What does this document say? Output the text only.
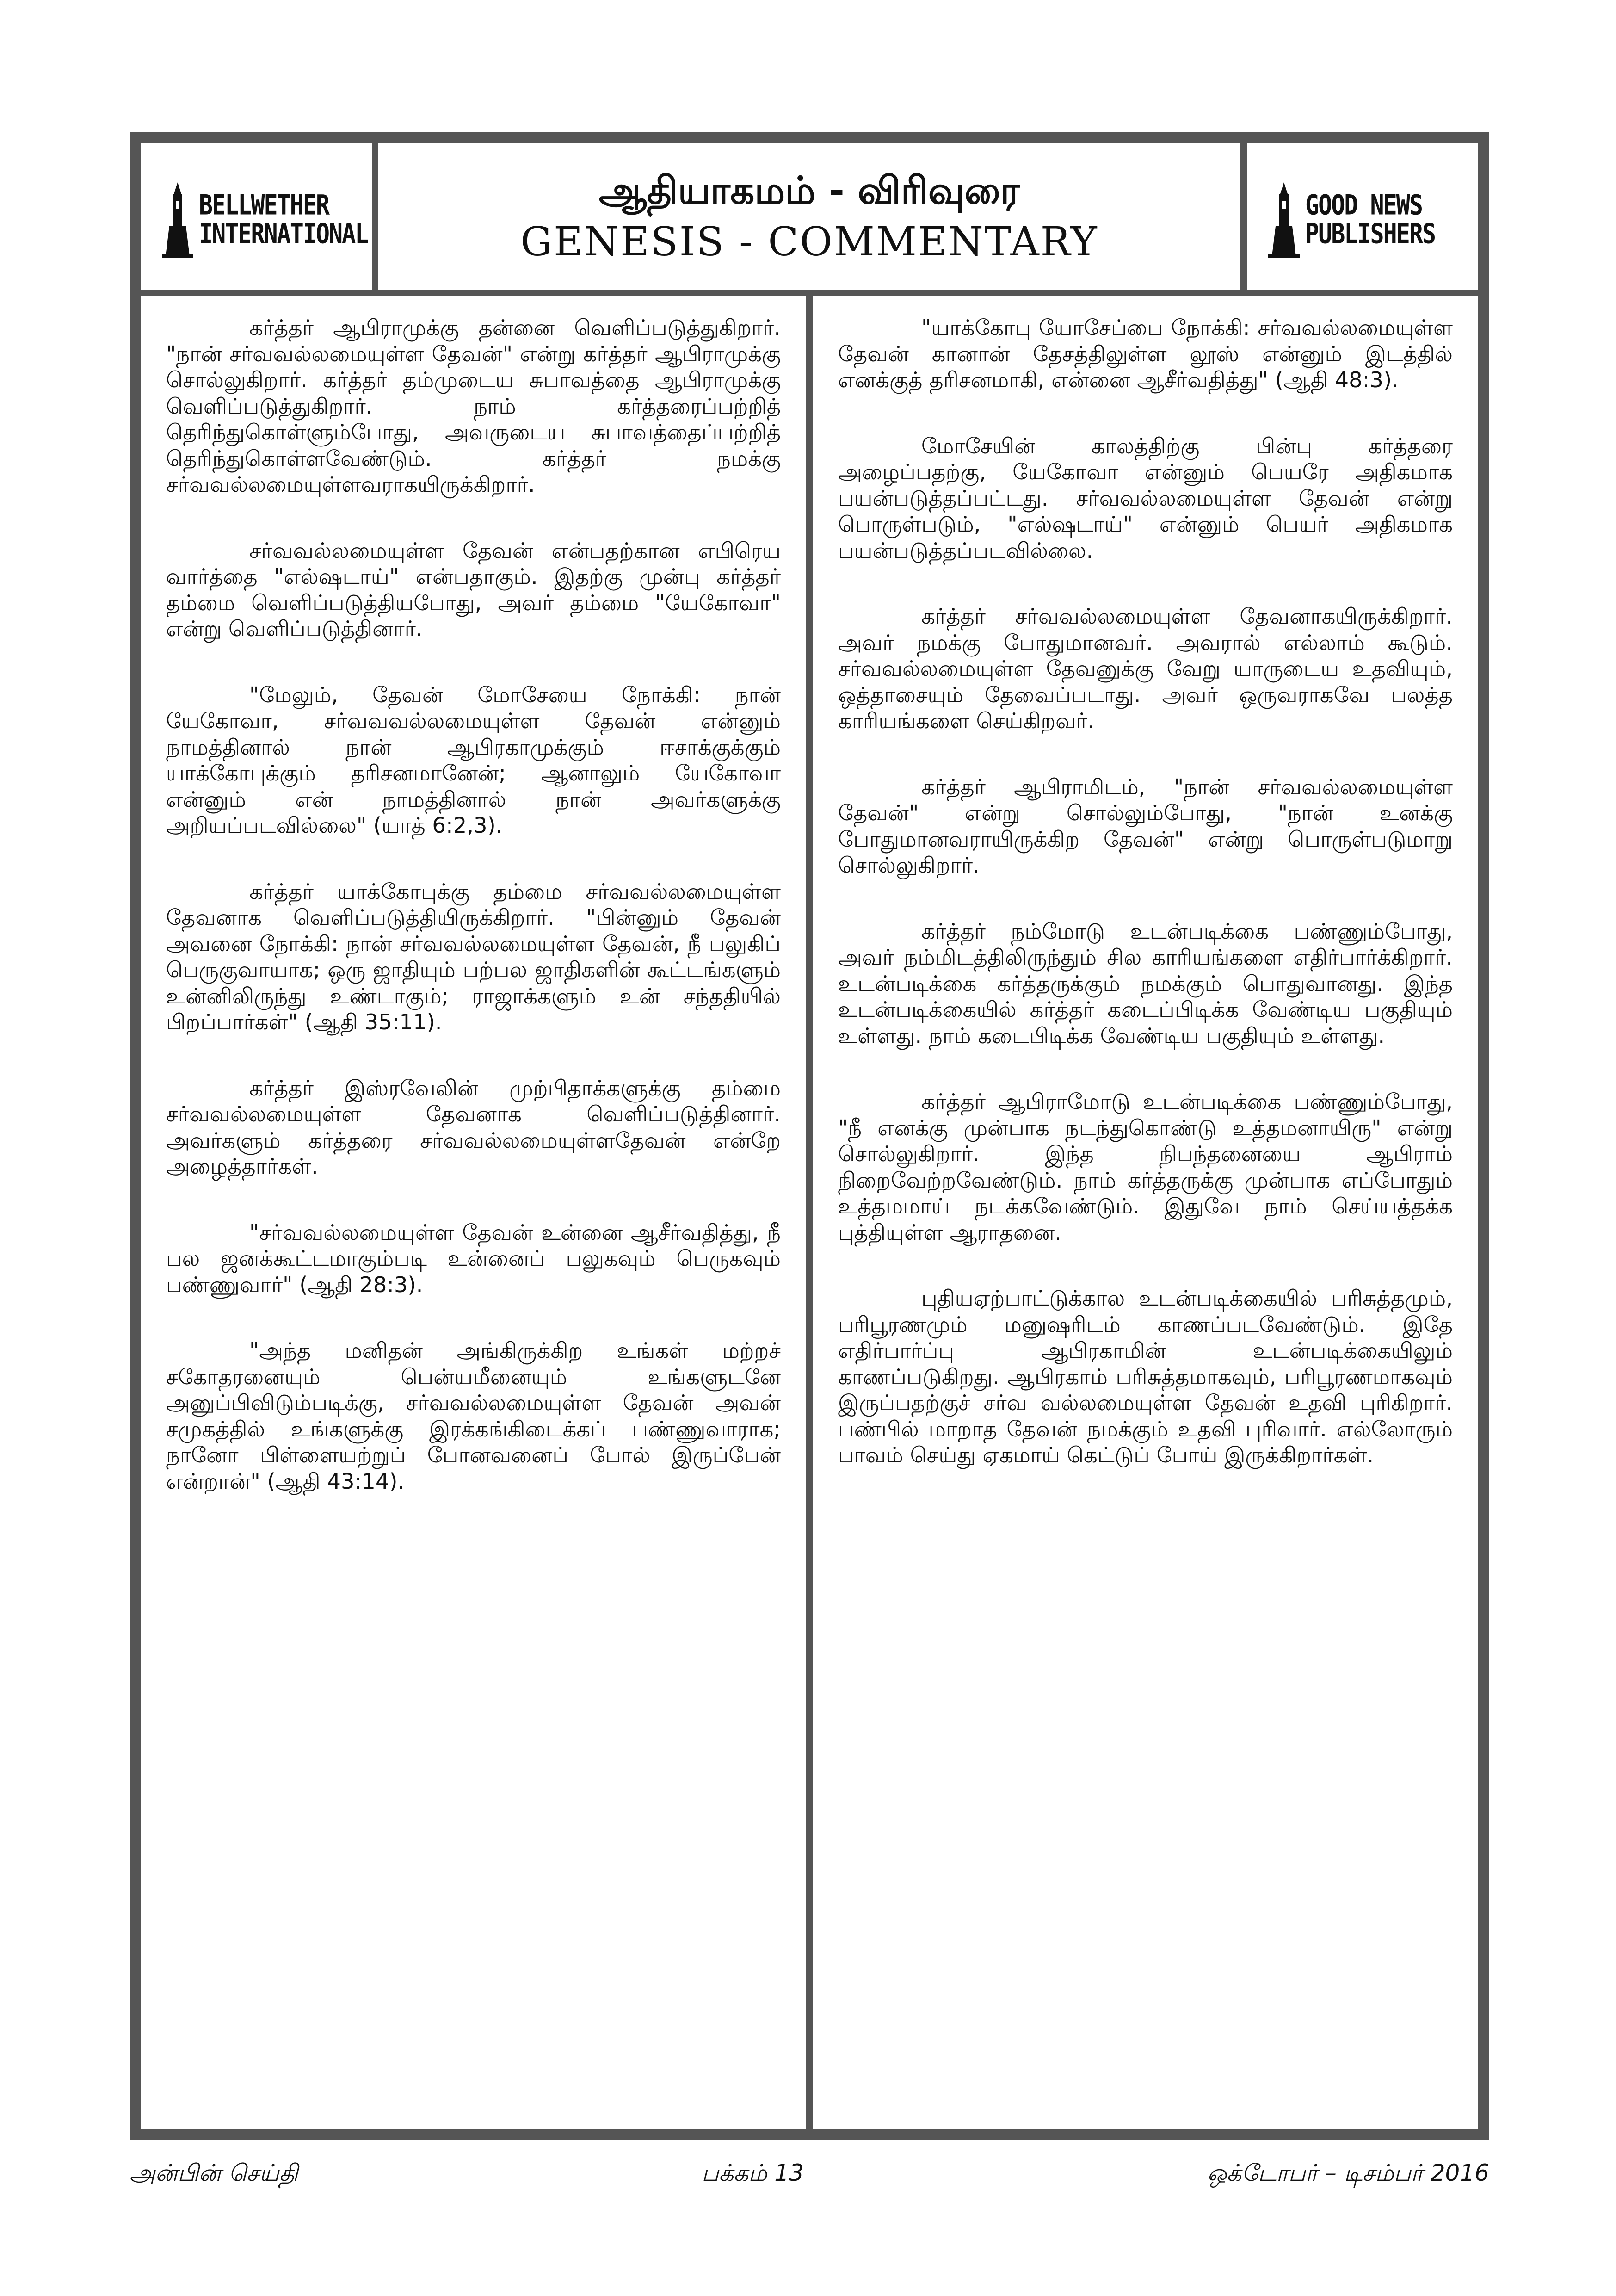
BELLWETHER
INTERNATIONAL
ஆதியாகமம் - விரிவுரை
GENESIS - COMMENTARY
GOOD NEWS
PUBLISHERS

கர்த்தர் ஆபிராமுக்கு தன்னை வெளிப்படுத்துகிறார். "நான் சர்வவல்லமையுள்ள தேவன்" என்று கர்த்தர் ஆபிராமுக்கு சொல்லுகிறார். கர்த்தர் தம்முடைய சுபாவத்தை ஆபிராமுக்கு வெளிப்படுத்துகிறார். நாம் கர்த்தரைப்பற்றித் தெரிந்துகொள்ளும்போது, அவருடைய சுபாவத்தைப்பற்றித் தெரிந்துகொள்ளவேண்டும். கர்த்தர் நமக்கு சர்வவல்லமையுள்ளவராகயிருக்கிறார்.

சர்வவல்லமையுள்ள தேவன் என்பதற்கான எபிரெய வார்த்தை "எல்ஷடாய்" என்பதாகும். இதற்கு முன்பு கர்த்தர் தம்மை வெளிப்படுத்தியபோது, அவர் தம்மை "யேகோவா" என்று வெளிப்படுத்தினார்.

"மேலும், தேவன் மோசேயை நோக்கி: நான் யேகோவா, சர்வவவல்லமையுள்ள தேவன் என்னும் நாமத்தினால் நான் ஆபிரகாமுக்கும் ஈசாக்குக்கும் யாக்கோபுக்கும் தரிசனமானேன்; ஆனாலும் யேகோவா என்னும் என் நாமத்தினால் நான் அவர்களுக்கு அறியப்படவில்லை" (யாத் 6:2,3).

கர்த்தர் யாக்கோபுக்கு தம்மை சர்வவல்லமையுள்ள தேவனாக வெளிப்படுத்தியிருக்கிறார். "பின்னும் தேவன் அவனை நோக்கி: நான் சர்வவல்லமையுள்ள தேவன், நீ பலுகிப் பெருகுவாயாக; ஒரு ஜாதியும் பற்பல ஜாதிகளின் கூட்டங்களும் உன்னிலிருந்து உண்டாகும்; ராஜாக்களும் உன் சந்ததியில் பிறப்பார்கள்" (ஆதி 35:11).

கர்த்தர் இஸ்ரவேலின் முற்பிதாக்களுக்கு தம்மை சர்வவல்லமையுள்ள தேவனாக வெளிப்படுத்தினார். அவர்களும் கர்த்தரை சர்வவல்லமையுள்ளதேவன் என்றே அழைத்தார்கள்.

"சர்வவல்லமையுள்ள தேவன் உன்னை ஆசீர்வதித்து, நீ பல ஜனக்கூட்டமாகும்படி உன்னைப் பலுகவும் பெருகவும் பண்ணுவார்" (ஆதி 28:3).

"அந்த மனிதன் அங்கிருக்கிற உங்கள் மற்றச் சகோதரனையும் பென்யமீனையும் உங்களுடனே அனுப்பிவிடும்படிக்கு, சர்வவல்லமையுள்ள தேவன் அவன் சமுகத்தில் உங்களுக்கு இரக்கங்கிடைக்கப் பண்ணுவாராக; நானோ பிள்ளையற்றுப் போனவனைப் போல் இருப்பேன் என்றான்" (ஆதி 43:14).

"யாக்கோபு யோசேப்பை நோக்கி: சர்வவல்லமையுள்ள தேவன் கானான் தேசத்திலுள்ள லூஸ் என்னும் இடத்தில் எனக்குத் தரிசனமாகி, என்னை ஆசீர்வதித்து" (ஆதி 48:3).

மோசேயின் காலத்திற்கு பின்பு கர்த்தரை அழைப்பதற்கு, யேகோவா என்னும் பெயரே அதிகமாக பயன்படுத்தப்பட்டது. சர்வவல்லமையுள்ள தேவன் என்று பொருள்படும், "எல்ஷடாய்" என்னும் பெயர் அதிகமாக பயன்படுத்தப்படவில்லை.

கர்த்தர் சர்வவல்லமையுள்ள தேவனாகயிருக்கிறார். அவர் நமக்கு போதுமானவர். அவரால் எல்லாம் கூடும். சர்வவல்லமையுள்ள தேவனுக்கு வேறு யாருடைய உதவியும், ஒத்தாசையும் தேவைப்படாது. அவர் ஒருவராகவே பலத்த காரியங்களை செய்கிறவர்.

கர்த்தர் ஆபிராமிடம், "நான் சர்வவல்லமையுள்ள தேவன்" என்று சொல்லும்போது, "நான் உனக்கு போதுமானவராயிருக்கிற தேவன்" என்று பொருள்படுமாறு சொல்லுகிறார்.

கர்த்தர் நம்மோடு உடன்படிக்கை பண்ணும்போது, அவர் நம்மிடத்திலிருந்தும் சில காரியங்களை எதிர்பார்க்கிறார். உடன்படிக்கை கர்த்தருக்கும் நமக்கும் பொதுவானது. இந்த உடன்படிக்கையில் கர்த்தர் கடைப்பிடிக்க வேண்டிய பகுதியும் உள்ளது. நாம் கடைபிடிக்க வேண்டிய பகுதியும் உள்ளது.

கர்த்தர் ஆபிராமோடு உடன்படிக்கை பண்ணும்போது, "நீ எனக்கு முன்பாக நடந்துகொண்டு உத்தமனாயிரு" என்று சொல்லுகிறார். இந்த நிபந்தனையை ஆபிராம் நிறைவேற்றவேண்டும். நாம் கர்த்தருக்கு முன்பாக எப்போதும் உத்தமமாய் நடக்கவேண்டும். இதுவே நாம் செய்யத்தக்க புத்தியுள்ள ஆராதனை.

புதியஏற்பாட்டுக்கால உடன்படிக்கையில் பரிசுத்தமும், பரிபூரணமும் மனுஷரிடம் காணப்படவேண்டும். இதே எதிர்பார்ப்பு ஆபிரகாமின் உடன்படிக்கையிலும் காணப்படுகிறது. ஆபிரகாம் பரிசுத்தமாகவும், பரிபூரணமாகவும் இருப்பதற்குச் சர்வ வல்லமையுள்ள தேவன் உதவி புரிகிறார். பண்பில் மாறாத தேவன் நமக்கும் உதவி புரிவார். எல்லோரும் பாவம் செய்து ஏகமாய் கெட்டுப் போய் இருக்கிறார்கள்.

அன்பின் செய்தி	பக்கம் 13	ஒக்டோபர் – டிசம்பர் 2016
